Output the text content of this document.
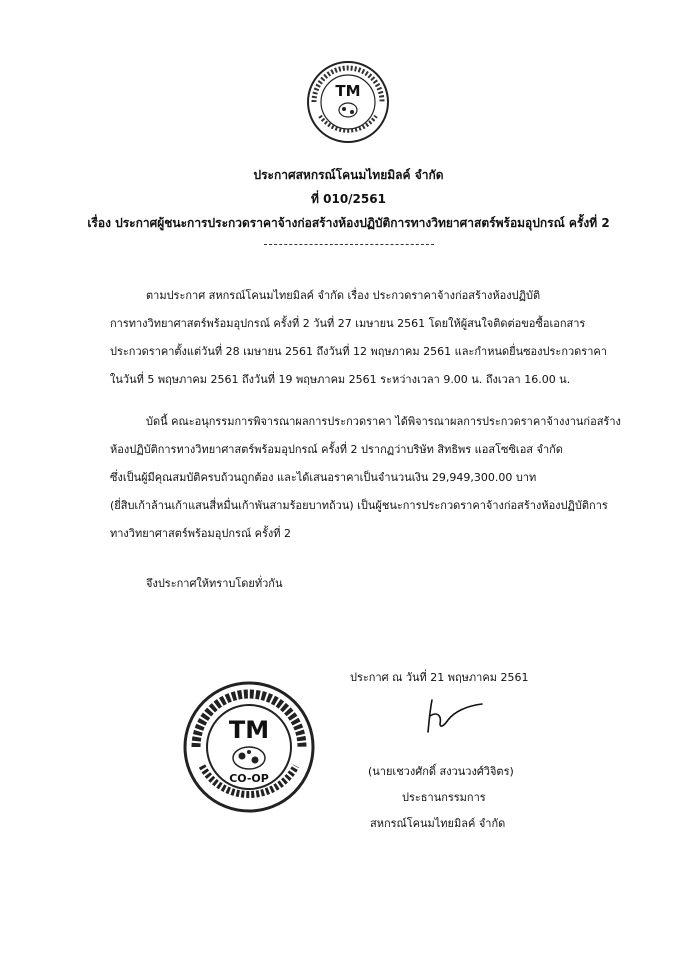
TM
ประกาศสหกรณ์โคนมไทยมิลค์ จำกัด
ที่ 010/2561
เรื่อง ประกาศผู้ชนะการประกวดราคาจ้างก่อสร้างห้องปฏิบัติการทางวิทยาศาสตร์พร้อมอุปกรณ์ ครั้งที่ 2
ตามประกาศ สหกรณ์โคนมไทยมิลค์ จำกัด เรื่อง ประกวดราคาจ้างก่อสร้างห้องปฏิบัติ
การทางวิทยาศาสตร์พร้อมอุปกรณ์ ครั้งที่ 2 วันที่ 27 เมษายน 2561 โดยให้ผู้สนใจติดต่อขอซื้อเอกสาร
ประกวดราคาตั้งแต่วันที่ 28 เมษายน 2561 ถึงวันที่ 12 พฤษภาคม 2561 และกำหนดยื่นซองประกวดราคา
ในวันที่ 5 พฤษภาคม 2561 ถึงวันที่ 19 พฤษภาคม 2561 ระหว่างเวลา 9.00 น. ถึงเวลา 16.00 น.
บัดนี้ คณะอนุกรรมการพิจารณาผลการประกวดราคา ได้พิจารณาผลการประกวดราคาจ้างงานก่อสร้าง
ห้องปฏิบัติการทางวิทยาศาสตร์พร้อมอุปกรณ์ ครั้งที่ 2 ปรากฏว่าบริษัท สิทธิพร แอสโซซิเอส จำกัด
ซึ่งเป็นผู้มีคุณสมบัติครบถ้วนถูกต้อง และได้เสนอราคาเป็นจำนวนเงิน 29,949,300.00 บาท
(ยี่สิบเก้าล้านเก้าแสนสี่หมื่นเก้าพันสามร้อยบาทถ้วน) เป็นผู้ชนะการประกวดราคาจ้างก่อสร้างห้องปฏิบัติการ
ทางวิทยาศาสตร์พร้อมอุปกรณ์ ครั้งที่ 2
จึงประกาศให้ทราบโดยทั่วกัน
ประกาศ ณ วันที่ 21 พฤษภาคม 2561
(นายเชวงศักดิ์ สงวนวงศ์วิจิตร)
ประธานกรรมการ
สหกรณ์โคนมไทยมิลค์ จำกัด
TM
CO-OP
